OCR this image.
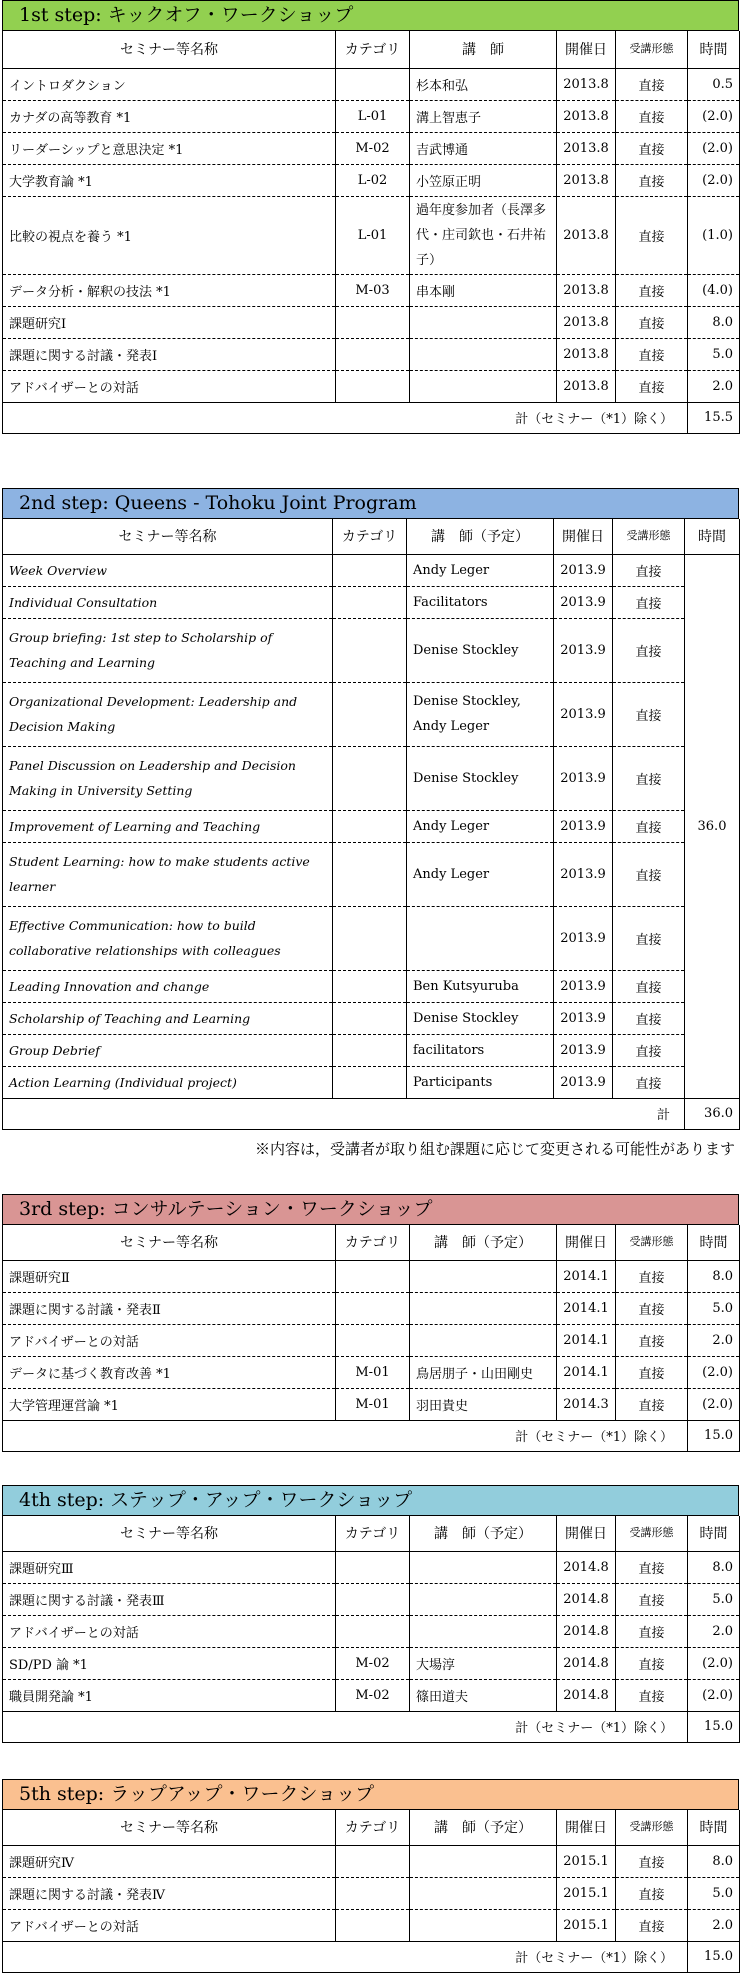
1st step: キックオフ・ワークショップ
セミナー等名称	カテゴリ	講　師	開催日	受講形態	時間
イントロダクション		杉本和弘	2013.8	直接	0.5
カナダの高等教育 *1	L-01	溝上智恵子	2013.8	直接	(2.0)
リーダーシップと意思決定 *1	M-02	吉武博通	2013.8	直接	(2.0)
大学教育論 *1	L-02	小笠原正明	2013.8	直接	(2.0)
比較の視点を養う *1	L-01	過年度参加者（長澤多代・庄司欽也・石井祐子）	2013.8	直接	(1.0)
データ分析・解釈の技法 *1	M-03	串本剛	2013.8	直接	(4.0)
課題研究Ⅰ			2013.8	直接	8.0
課題に関する討議・発表Ⅰ			2013.8	直接	5.0
アドバイザーとの対話			2013.8	直接	2.0
計（セミナー（*1）除く）					15.5
2nd step: Queens - Tohoku Joint Program
セミナー等名称	カテゴリ	講　師（予定）	開催日	受講形態	時間
Week Overview		Andy Leger	2013.9	直接	36.0
Individual Consultation		Facilitators	2013.9	直接	
Group briefing: 1st step to Scholarship of Teaching and Learning		Denise Stockley	2013.9	直接	
Organizational Development: Leadership and Decision Making		Denise Stockley, Andy Leger	2013.9	直接	
Panel Discussion on Leadership and Decision Making in University Setting		Denise Stockley	2013.9	直接	
Improvement of Learning and Teaching		Andy Leger	2013.9	直接	
Student Learning: how to make students active learner		Andy Leger	2013.9	直接	
Effective Communication: how to build collaborative relationships with colleagues			2013.9	直接	
Leading Innovation and change		Ben Kutsyuruba	2013.9	直接	
Scholarship of Teaching and Learning		Denise Stockley	2013.9	直接	
Group Debrief		facilitators	2013.9	直接	
Action Learning (Individual project)		Participants	2013.9	直接	
計					36.0
※内容は，受講者が取り組む課題に応じて変更される可能性があります
3rd step: コンサルテーション・ワークショップ
セミナー等名称	カテゴリ	講　師（予定）	開催日	受講形態	時間
課題研究Ⅱ			2014.1	直接	8.0
課題に関する討議・発表Ⅱ			2014.1	直接	5.0
アドバイザーとの対話			2014.1	直接	2.0
データに基づく教育改善 *1	M-01	鳥居朋子・山田剛史	2014.1	直接	(2.0)
大学管理運営論 *1	M-01	羽田貴史	2014.3	直接	(2.0)
計（セミナー（*1）除く）					15.0
4th step: ステップ・アップ・ワークショップ
セミナー等名称	カテゴリ	講　師（予定）	開催日	受講形態	時間
課題研究Ⅲ			2014.8	直接	8.0
課題に関する討議・発表Ⅲ			2014.8	直接	5.0
アドバイザーとの対話			2014.8	直接	2.0
SD/PD 論 *1	M-02	大場淳	2014.8	直接	(2.0)
職員開発論 *1	M-02	篠田道夫	2014.8	直接	(2.0)
計（セミナー（*1）除く）					15.0
5th step: ラップアップ・ワークショップ
セミナー等名称	カテゴリ	講　師（予定）	開催日	受講形態	時間
課題研究Ⅳ			2015.1	直接	8.0
課題に関する討議・発表Ⅳ			2015.1	直接	5.0
アドバイザーとの対話			2015.1	直接	2.0
計（セミナー（*1）除く）					15.0
